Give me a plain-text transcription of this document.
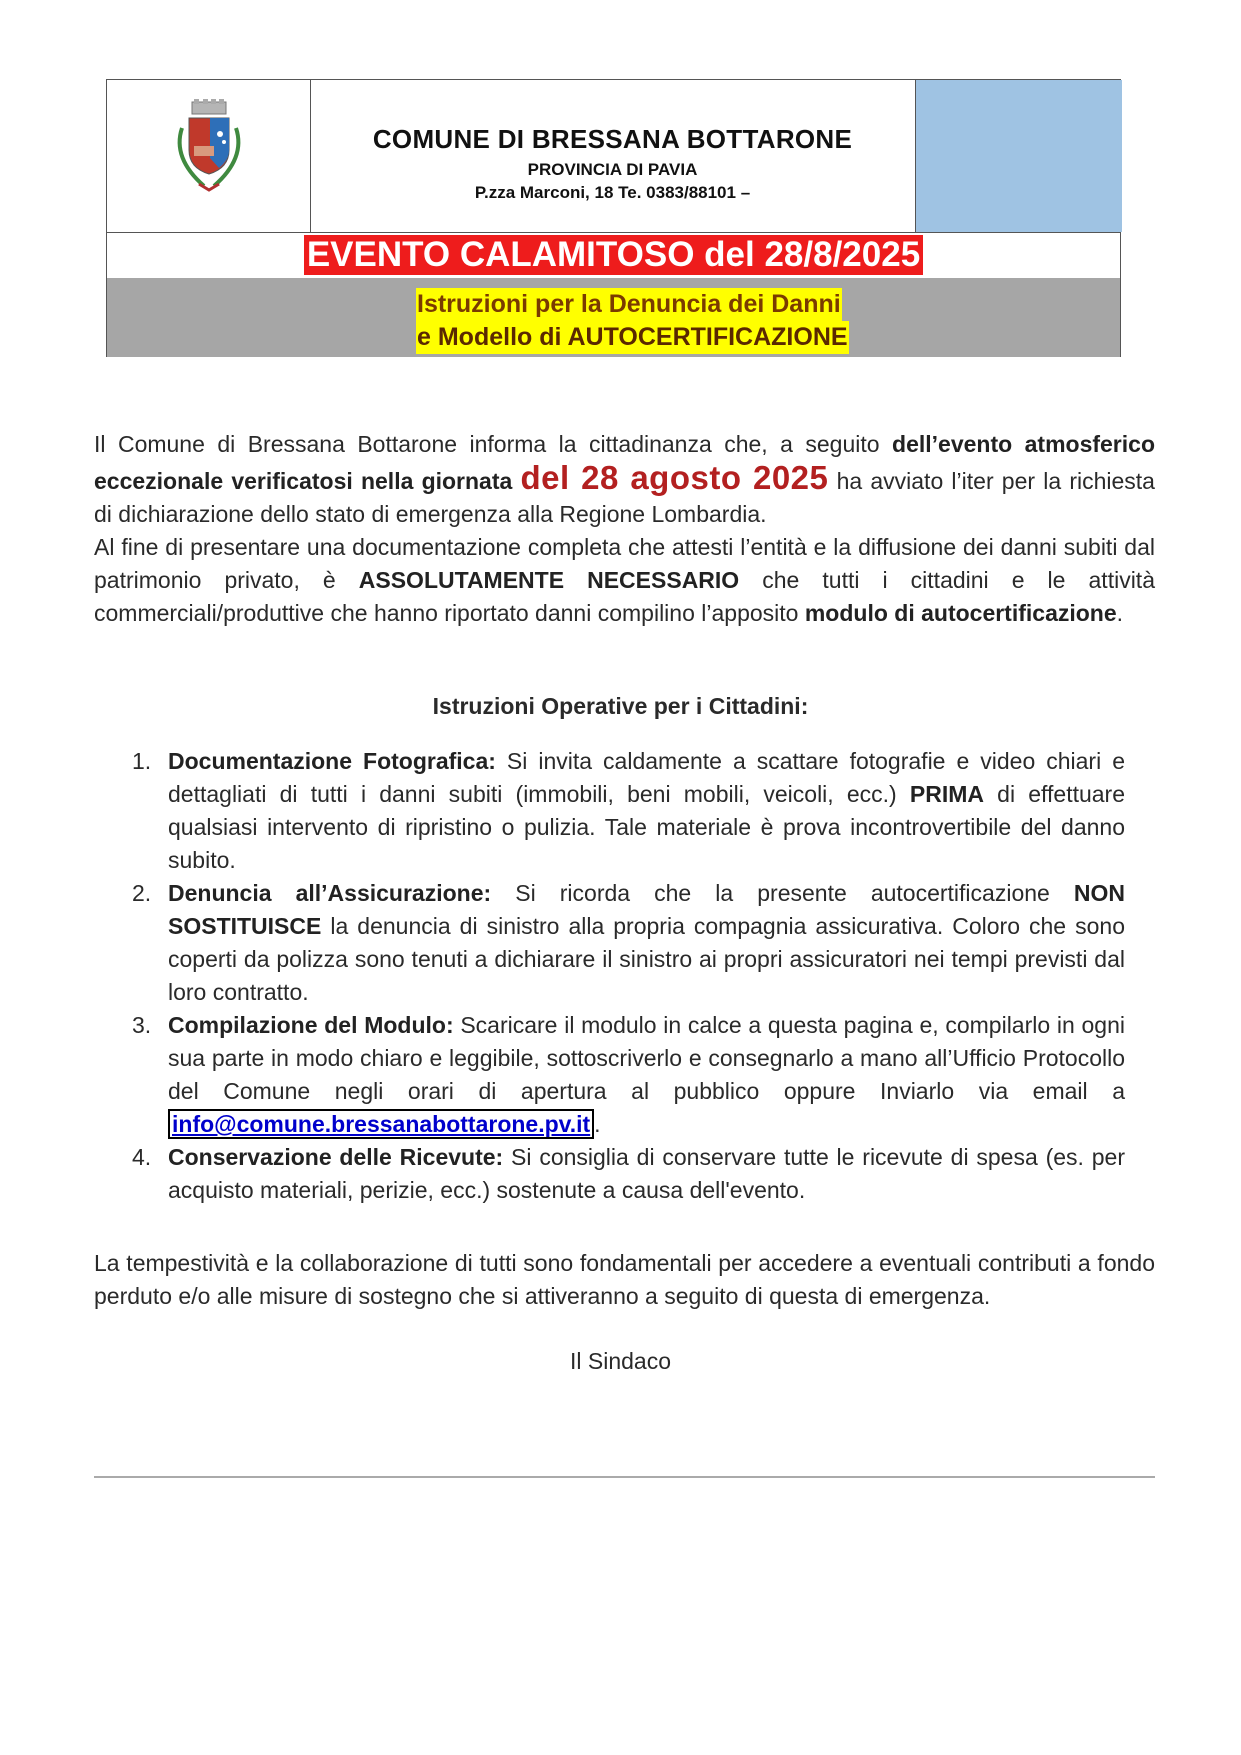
COMUNE DI BRESSANA BOTTARONE
PROVINCIA DI PAVIA
P.zza Marconi, 18 Te. 0383/88101 –
EVENTO CALAMITOSO del 28/8/2025
Istruzioni per la Denuncia dei Danni
e Modello di AUTOCERTIFICAZIONE
Il Comune di Bressana Bottarone informa la cittadinanza che, a seguito dell’evento atmosferico eccezionale verificatosi nella giornata del 28 agosto 2025 ha avviato l’iter per la richiesta di dichiarazione dello stato di emergenza alla Regione Lombardia.
Al fine di presentare una documentazione completa che attesti l’entità e la diffusione dei danni subiti dal patrimonio privato, è ASSOLUTAMENTE NECESSARIO che tutti i cittadini e le attività commerciali/produttive che hanno riportato danni compilino l’apposito modulo di autocertificazione.
Istruzioni Operative per i Cittadini:
1. Documentazione Fotografica: Si invita caldamente a scattare fotografie e video chiari e dettagliati di tutti i danni subiti (immobili, beni mobili, veicoli, ecc.) PRIMA di effettuare qualsiasi intervento di ripristino o pulizia. Tale materiale è prova incontrovertibile del danno subito.
2. Denuncia all’Assicurazione: Si ricorda che la presente autocertificazione NON SOSTITUISCE la denuncia di sinistro alla propria compagnia assicurativa. Coloro che sono coperti da polizza sono tenuti a dichiarare il sinistro ai propri assicuratori nei tempi previsti dal loro contratto.
3. Compilazione del Modulo: Scaricare il modulo in calce a questa pagina e, compilarlo in ogni sua parte in modo chiaro e leggibile, sottoscriverlo e consegnarlo a mano all’Ufficio Protocollo del Comune negli orari di apertura al pubblico oppure Inviarlo via email a info@comune.bressanabottarone.pv.it .
4. Conservazione delle Ricevute: Si consiglia di conservare tutte le ricevute di spesa (es. per acquisto materiali, perizie, ecc.) sostenute a causa dell'evento.
La tempestività e la collaborazione di tutti sono fondamentali per accedere a eventuali contributi a fondo perduto e/o alle misure di sostegno che si attiveranno a seguito di questa di emergenza.
Il Sindaco
